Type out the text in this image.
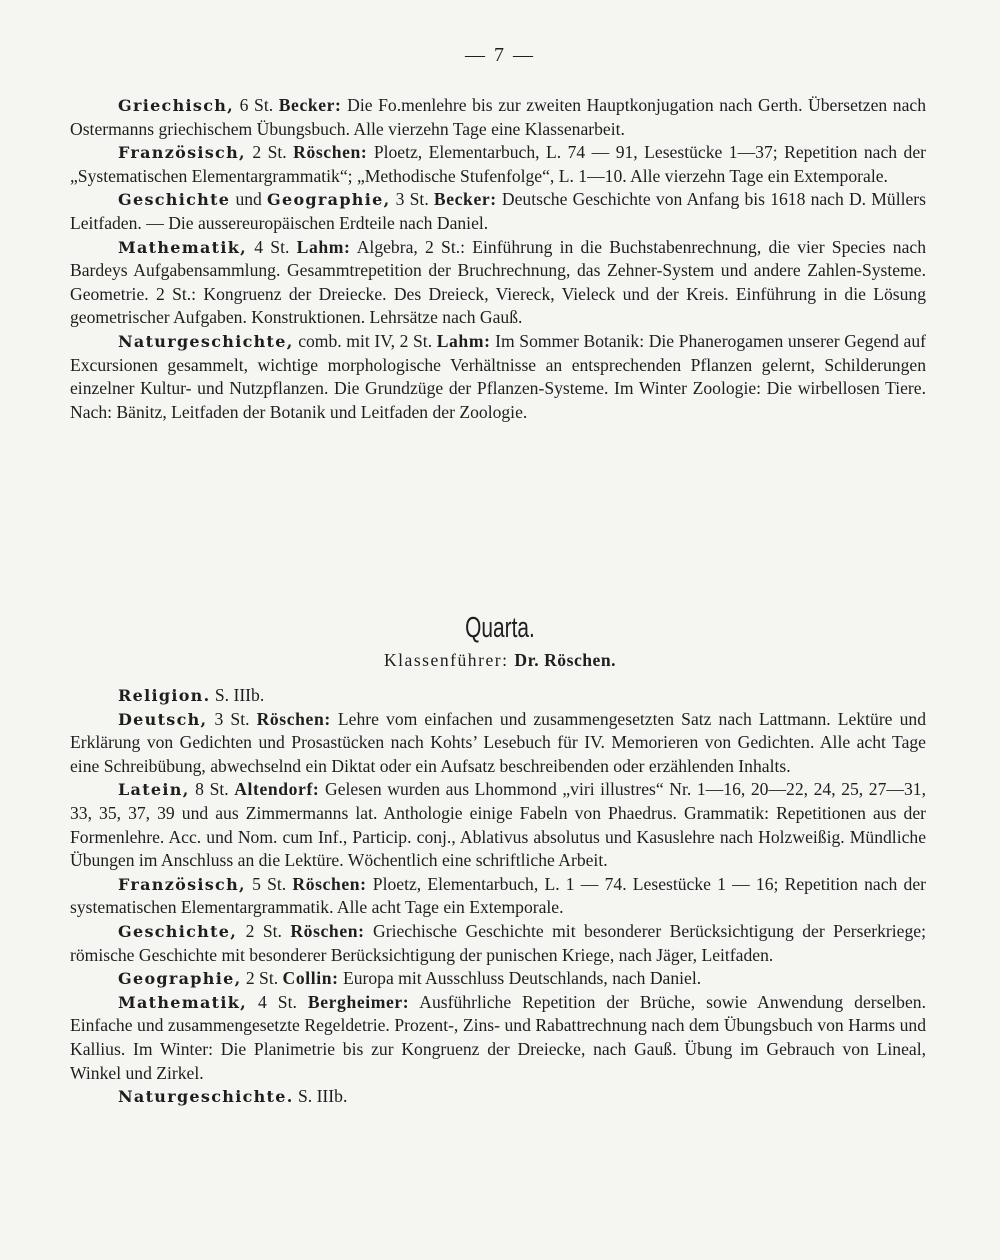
— 7 —

Griechisch, 6 St. Becker: Die Fo.menlehre bis zur zweiten Hauptkonjugation nach Gerth. Übersetzen nach Ostermanns griechischem Übungsbuch. Alle vierzehn Tage eine Klassenarbeit.

Französisch, 2 St. Röschen: Ploetz, Elementarbuch, L. 74 — 91, Lesestücke 1—37; Repetition nach der „Systematischen Elementargrammatik“; „Methodische Stufenfolge“, L. 1—10. Alle vierzehn Tage ein Extemporale.

Geschichte und Geographie, 3 St. Becker: Deutsche Geschichte von Anfang bis 1618 nach D. Müllers Leitfaden. — Die aussereuropäischen Erdteile nach Daniel.

Mathematik, 4 St. Lahm: Algebra, 2 St.: Einführung in die Buchstabenrechnung, die vier Species nach Bardeys Aufgabensammlung. Gesammtrepetition der Bruchrechnung, das Zehner-System und andere Zahlen-Systeme. Geometrie. 2 St.: Kongruenz der Dreiecke. Des Dreieck, Viereck, Vieleck und der Kreis. Einführung in die Lösung geometrischer Aufgaben. Konstruktionen. Lehrsätze nach Gauß.

Naturgeschichte, comb. mit IV, 2 St. Lahm: Im Sommer Botanik: Die Phanerogamen unserer Gegend auf Excursionen gesammelt, wichtige morphologische Verhältnisse an entsprechenden Pflanzen gelernt, Schilderungen einzelner Kultur- und Nutzpflanzen. Die Grundzüge der Pflanzen-Systeme. Im Winter Zoologie: Die wirbellosen Tiere. Nach: Bänitz, Leitfaden der Botanik und Leitfaden der Zoologie.

Quarta.
Klassenführer: Dr. Röschen.

Religion. S. IIIb.

Deutsch, 3 St. Röschen: Lehre vom einfachen und zusammengesetzten Satz nach Lattmann. Lektüre und Erklärung von Gedichten und Prosastücken nach Kohts’ Lesebuch für IV. Memorieren von Gedichten. Alle acht Tage eine Schreibübung, abwechselnd ein Diktat oder ein Aufsatz beschreibenden oder erzählenden Inhalts.

Latein, 8 St. Altendorf: Gelesen wurden aus Lhommond „viri illustres“ Nr. 1—16, 20—22, 24, 25, 27—31, 33, 35, 37, 39 und aus Zimmermanns lat. Anthologie einige Fabeln von Phaedrus. Grammatik: Repetitionen aus der Formenlehre. Acc. und Nom. cum Inf., Particip. conj., Ablativus absolutus und Kasuslehre nach Holzweißig. Mündliche Übungen im Anschluss an die Lektüre. Wöchentlich eine schriftliche Arbeit.

Französisch, 5 St. Röschen: Ploetz, Elementarbuch, L. 1 — 74. Lesestücke 1 — 16; Repetition nach der systematischen Elementargrammatik. Alle acht Tage ein Extemporale.

Geschichte, 2 St. Röschen: Griechische Geschichte mit besonderer Berücksichtigung der Perserkriege; römische Geschichte mit besonderer Berücksichtigung der punischen Kriege, nach Jäger, Leitfaden.

Geographie, 2 St. Collin: Europa mit Ausschluss Deutschlands, nach Daniel.

Mathematik, 4 St. Bergheimer: Ausführliche Repetition der Brüche, sowie Anwendung derselben. Einfache und zusammengesetzte Regeldetrie. Prozent-, Zins- und Rabattrechnung nach dem Übungsbuch von Harms und Kallius. Im Winter: Die Planimetrie bis zur Kongruenz der Dreiecke, nach Gauß. Übung im Gebrauch von Lineal, Winkel und Zirkel.

Naturgeschichte. S. IIIb.
